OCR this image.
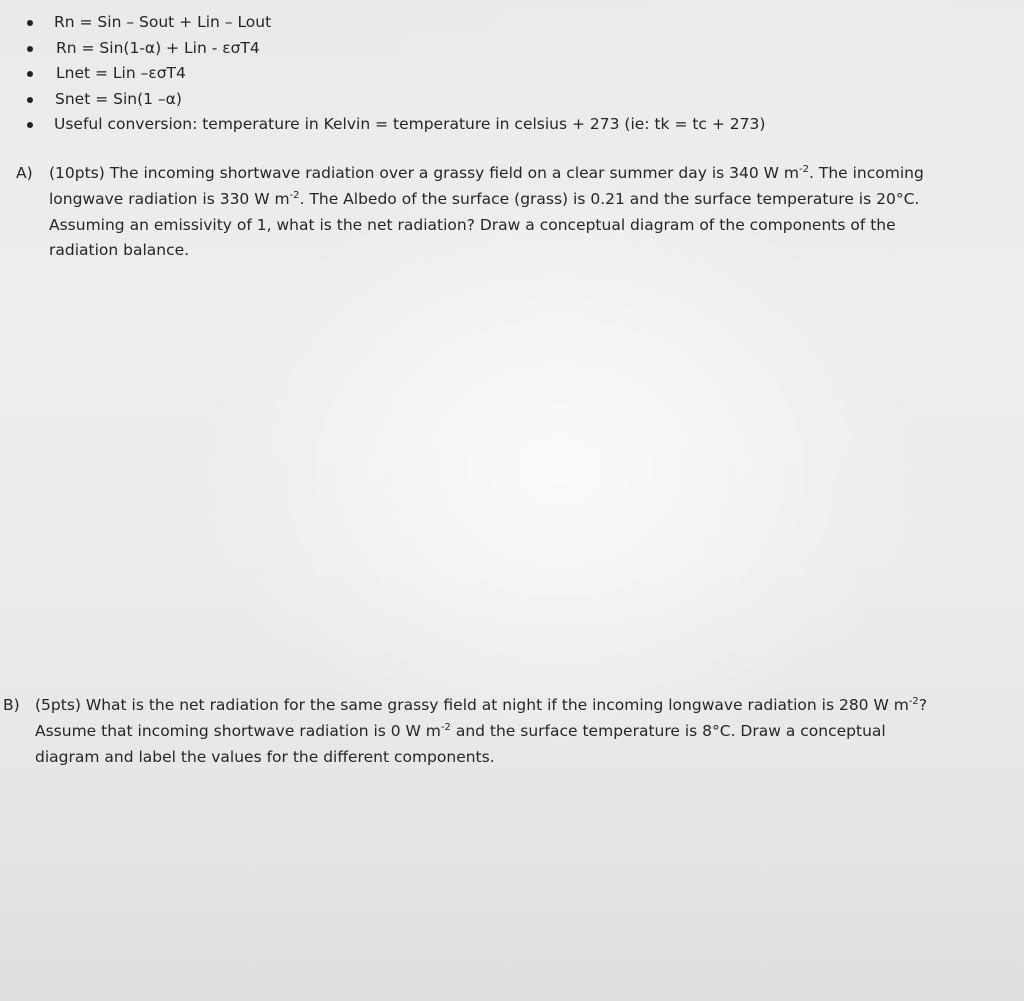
Rn = Sin – Sout + Lin – Lout
Rn = Sin(1-α) + Lin - εσT4
Lnet = Lin –εσT4
Snet = Sin(1 –α)
Useful conversion: temperature in Kelvin = temperature in celsius + 273 (ie: tk = tc + 273)
A) (10pts) The incoming shortwave radiation over a grassy field on a clear summer day is 340 W $m^{-2}$. The incoming
longwave radiation is 330 W $m^{-2}$. The Albedo of the surface (grass) is 0.21 and the surface temperature is 20°C.
Assuming an emissivity of 1, what is the net radiation? Draw a conceptual diagram of the components of the
radiation balance.
B) (5pts) What is the net radiation for the same grassy field at night if the incoming longwave radiation is 280 W $m^{-2}$?
Assume that incoming shortwave radiation is 0 W $m^{-2}$ and the surface temperature is 8°C. Draw a conceptual
diagram and label the values for the different components.
